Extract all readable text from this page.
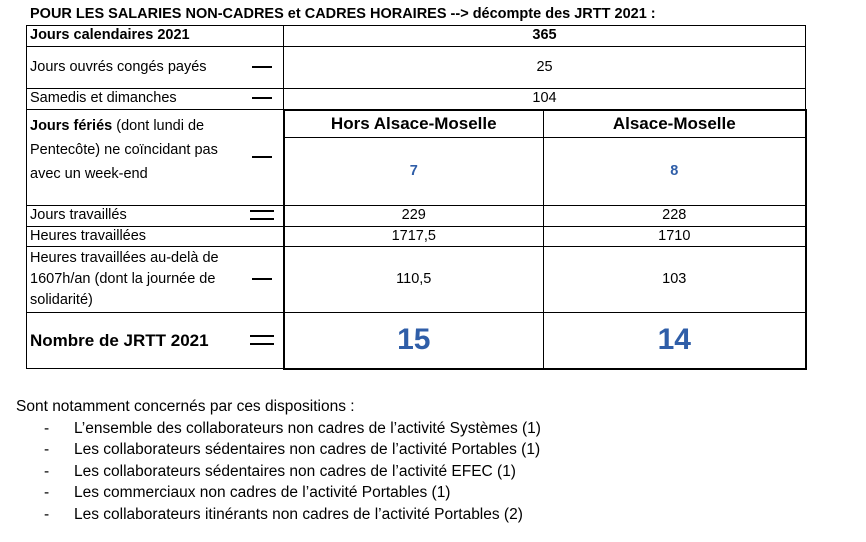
POUR LES SALARIES NON-CADRES et CADRES HORAIRES --> décompte des JRTT 2021 :
Jours calendaires 2021		365	
Jours ouvrés congés payés		25	
Samedis et dimanches		104	
Jours fériés (dont lundi de Pentecôte) ne coïncidant pas avec un week-end		Hors Alsace-Moselle	Alsace-Moselle
		7	8
Jours travaillés		229	228
Heures travaillées		1717,5	1710
Heures travaillées au-delà de 1607h/an (dont la journée de solidarité)		110,5	103
Nombre de JRTT 2021		15	14
Sont notamment concernés par ces dispositions :
- L’ensemble des collaborateurs non cadres de l’activité Systèmes (1)
- Les collaborateurs sédentaires non cadres de l’activité Portables (1)
- Les collaborateurs sédentaires non cadres de l’activité EFEC (1)
- Les commerciaux non cadres de l’activité Portables (1)
- Les collaborateurs itinérants non cadres de l’activité Portables (2)
